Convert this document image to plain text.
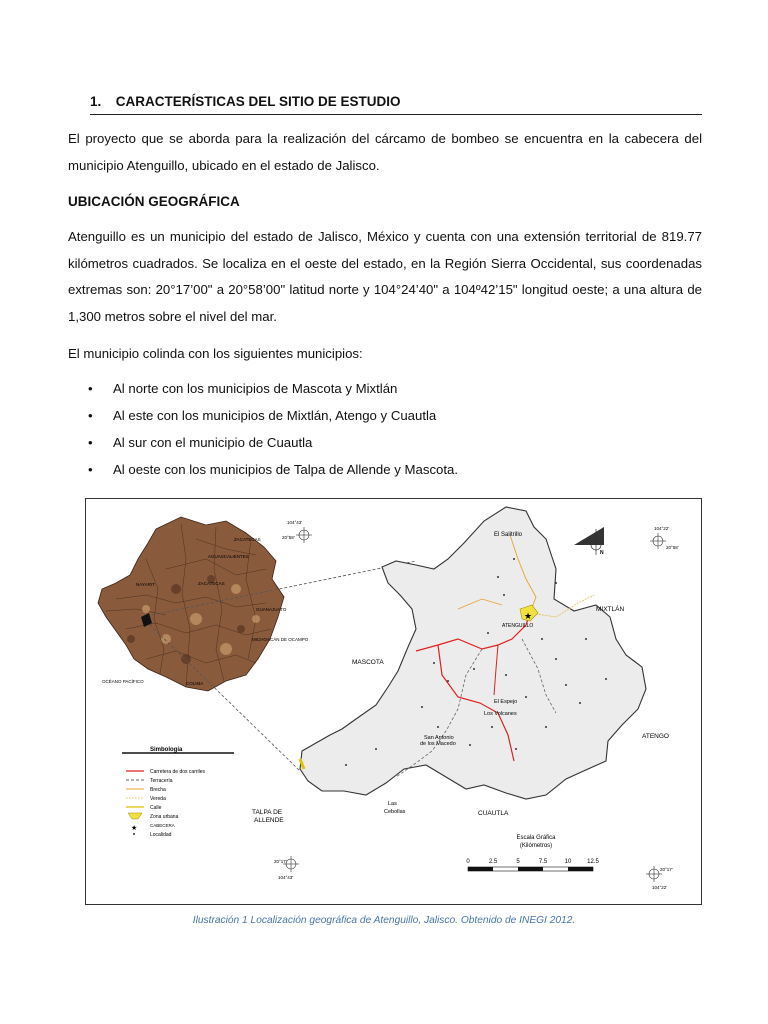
1. CARACTERÍSTICAS DEL SITIO DE ESTUDIO
El proyecto que se aborda para la realización del cárcamo de bombeo se encuentra en la cabecera del municipio Atenguillo, ubicado en el estado de Jalisco.
UBICACIÓN GEOGRÁFICA
Atenguillo es un municipio del estado de Jalisco, México y cuenta con una extensión territorial de 819.77 kilómetros cuadrados. Se localiza en el oeste del estado, en la Región Sierra Occidental, sus coordenadas extremas son: 20°17’00" a 20°58’00" latitud norte y 104°24’40" a 104º42’15" longitud oeste; a una altura de 1,300 metros sobre el nivel del mar.
El municipio colinda con los siguientes municipios:
• Al norte con los municipios de Mascota y Mixtlán
• Al este con los municipios de Mixtlán, Atengo y Cuautla
• Al sur con el municipio de Cuautla
• Al oeste con los municipios de Talpa de Allende y Mascota.
ZACATECAS
AGUASCALIENTES
NAYARIT	ZACATECAS
GUANAJUATO
MICHOACÁN DE OCAMPO
COLIMA
OCÉANO PACÍFICO
★
El Salitrillo
ATENGUILLO
MIXTLÁN
MASCOTA
El Espejo
Los Volcanes
San Antonio
de los Macedo
ATENGO
TALPA DE
ALLENDE
Las
Cebollas	CUAUTLA
104°43'
20°58'
104°22'
20°58'
20°17'
104°43'
20°17'
104°22'
N
Escala Gráfica
(Kilómetros)
0	2.5	5	7.5	10	12.5
Simbología
Carretera de dos carriles
Terracería
Brecha
Vereda
Calle
Zona urbana
★	CABECERA
Localidad
Ilustración 1 Localización geográfica de Atenguillo, Jalisco. Obtenido de INEGI 2012.
